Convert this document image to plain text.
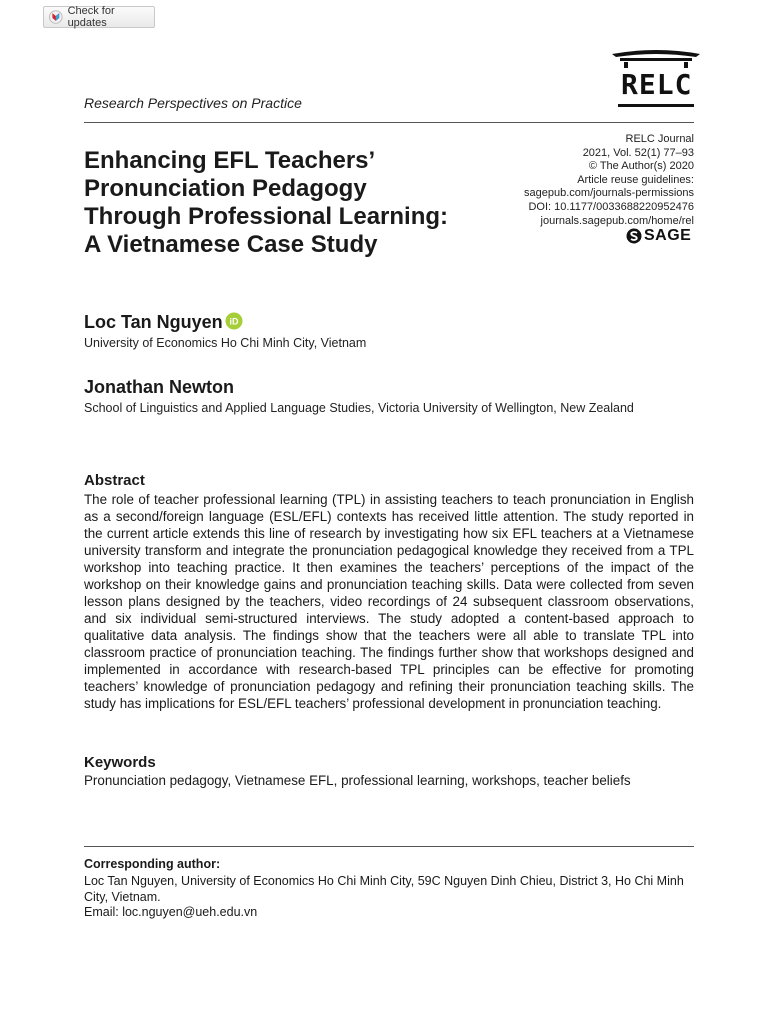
Check for updates
Research Perspectives on Practice
RELC
RELC Journal
2021, Vol. 52(1) 77–93
© The Author(s) 2020
Article reuse guidelines:
sagepub.com/journals-permissions
DOI: 10.1177/0033688220952476
journals.sagepub.com/home/rel
SAGE
Enhancing EFL Teachers’
Pronunciation Pedagogy
Through Professional Learning:
A Vietnamese Case Study
Loc Tan Nguyen iD
University of Economics Ho Chi Minh City, Vietnam
Jonathan Newton
School of Linguistics and Applied Language Studies, Victoria University of Wellington, New Zealand
Abstract

The role of teacher professional learning (TPL) in assisting teachers to teach pronunciation in English as a second/foreign language (ESL/EFL) contexts has received little attention. The study reported in the current article extends this line of research by investigating how six EFL teachers at a Vietnamese university transform and integrate the pronunciation pedagogical knowledge they received from a TPL workshop into teaching practice. It then examines the teachers’ perceptions of the impact of the workshop on their knowledge gains and pronunciation teaching skills. Data were collected from seven lesson plans designed by the teachers, video recordings of 24 subsequent classroom observations, and six individual semi-structured interviews. The study adopted a content-based approach to qualitative data analysis. The findings show that the teachers were all able to translate TPL into classroom practice of pronunciation teaching. The findings further show that workshops designed and implemented in accordance with research-based TPL principles can be effective for promoting teachers’ knowledge of pronunciation pedagogy and refining their pronunciation teaching skills. The study has implications for ESL/EFL teachers’ professional development in pronunciation teaching.

Keywords
Pronunciation pedagogy, Vietnamese EFL, professional learning, workshops, teacher beliefs
Corresponding author:
Loc Tan Nguyen, University of Economics Ho Chi Minh City, 59C Nguyen Dinh Chieu, District 3, Ho Chi Minh City, Vietnam.
Email: loc.nguyen@ueh.edu.vn
